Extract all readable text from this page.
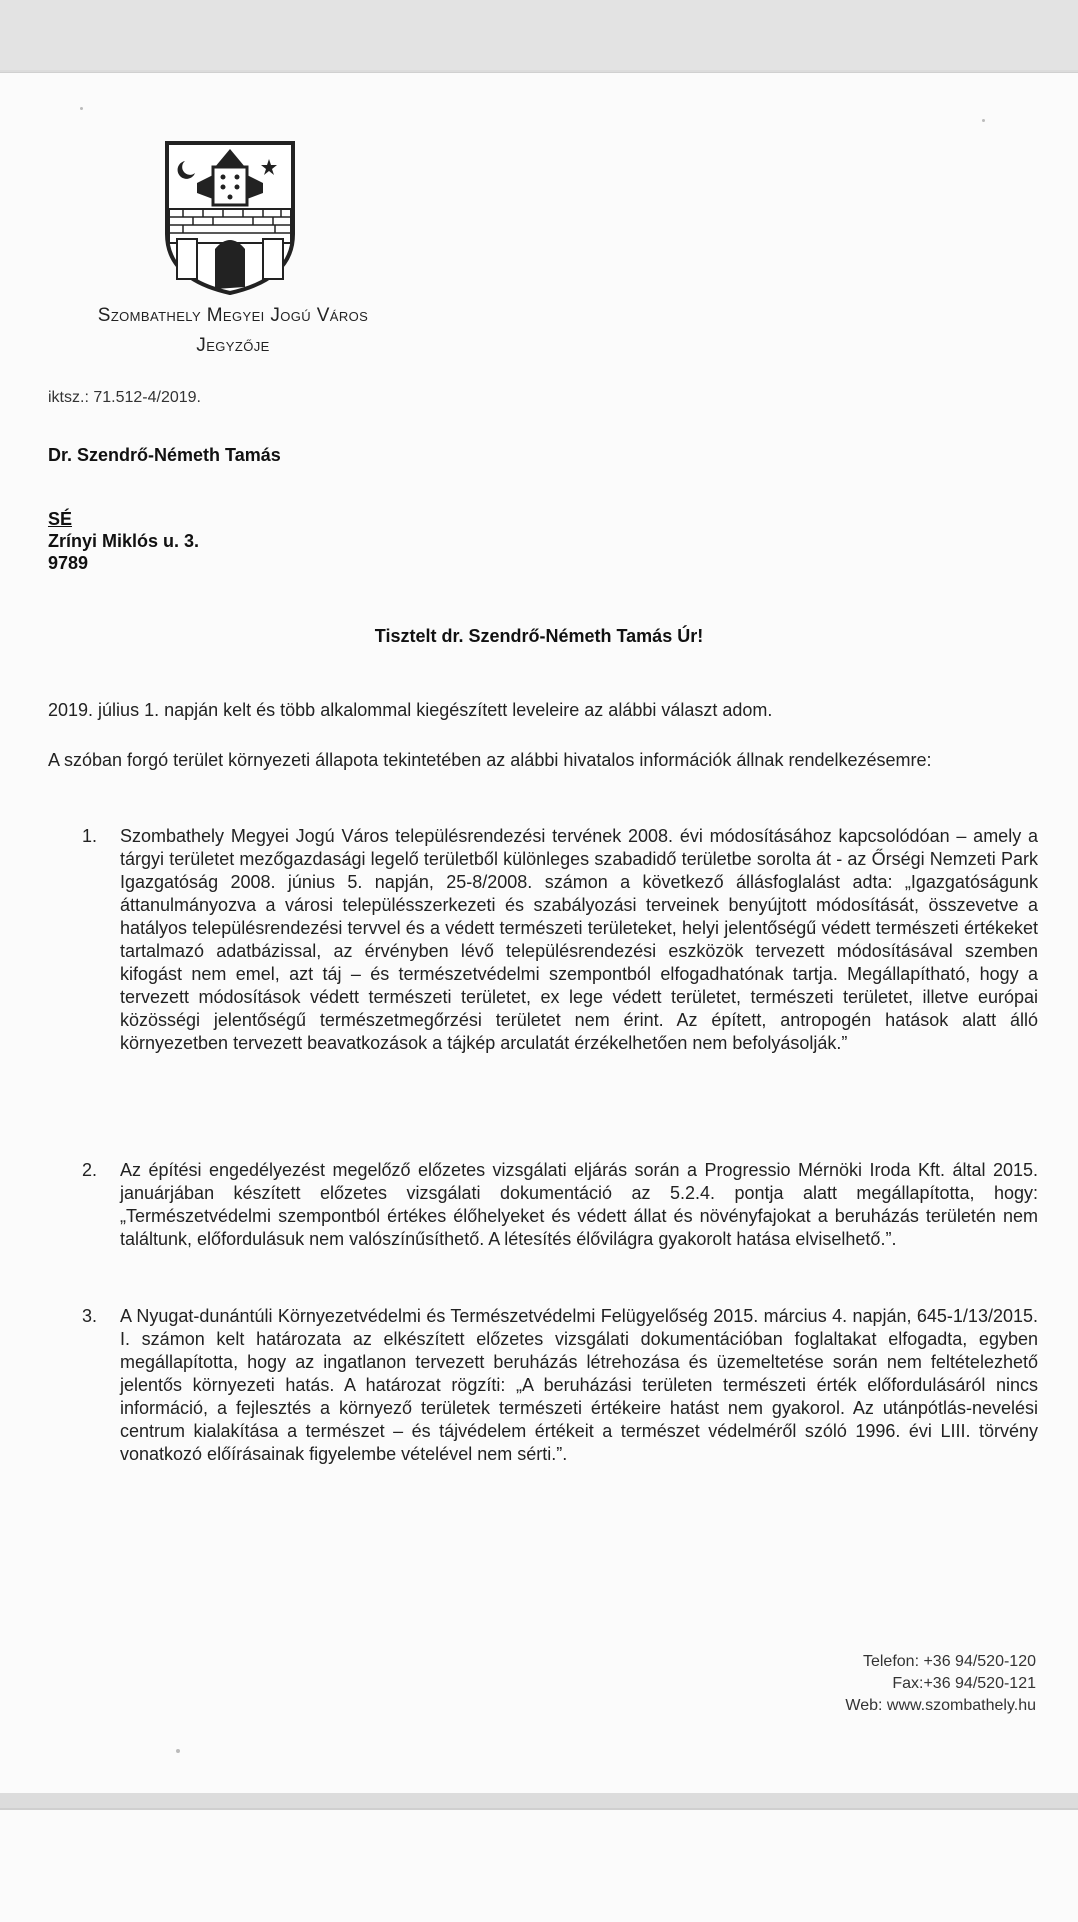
Szombathely Megyei Jogú Város
Jegyzője
iktsz.: 71.512-4/2019.
Dr. Szendrő-Németh Tamás
SÉ
Zrínyi Miklós u. 3.
9789
Tisztelt dr. Szendrő-Németh Tamás Úr!
2019. július 1. napján kelt és több alkalommal kiegészített leveleire az alábbi választ adom.
A szóban forgó terület környezeti állapota tekintetében az alábbi hivatalos információk állnak rendelkezésemre:
1. Szombathely Megyei Jogú Város településrendezési tervének 2008. évi módosításához kapcsolódóan – amely a tárgyi területet mezőgazdasági legelő területből különleges szabadidő területbe sorolta át - az Őrségi Nemzeti Park Igazgatóság 2008. június 5. napján, 25-8/2008. számon a következő állásfoglalást adta: „Igazgatóságunk áttanulmányozva a városi településszerkezeti és szabályozási terveinek benyújtott módosítását, összevetve a hatályos településrendezési tervvel és a védett természeti területeket, helyi jelentőségű védett természeti értékeket tartalmazó adatbázissal, az érvényben lévő településrendezési eszközök tervezett módosításával szemben kifogást nem emel, azt táj – és természetvédelmi szempontból elfogadhatónak tartja. Megállapítható, hogy a tervezett módosítások védett természeti területet, ex lege védett területet, természeti területet, illetve európai közösségi jelentőségű természetmegőrzési területet nem érint. Az épített, antropogén hatások alatt álló környezetben tervezett beavatkozások a tájkép arculatát érzékelhetően nem befolyásolják.”
2. Az építési engedélyezést megelőző előzetes vizsgálati eljárás során a Progressio Mérnöki Iroda Kft. által 2015. januárjában készített előzetes vizsgálati dokumentáció az 5.2.4. pontja alatt megállapította, hogy: „Természetvédelmi szempontból értékes élőhelyeket és védett állat és növényfajokat a beruházás területén nem találtunk, előfordulásuk nem valószínűsíthető. A létesítés élővilágra gyakorolt hatása elviselhető.”.
3. A Nyugat-dunántúli Környezetvédelmi és Természetvédelmi Felügyelőség 2015. március 4. napján, 645-1/13/2015. I. számon kelt határozata az elkészített előzetes vizsgálati dokumentációban foglaltakat elfogadta, egyben megállapította, hogy az ingatlanon tervezett beruházás létrehozása és üzemeltetése során nem feltételezhető jelentős környezeti hatás. A határozat rögzíti: „A beruházási területen természeti érték előfordulásáról nincs információ, a fejlesztés a környező területek természeti értékeire hatást nem gyakorol. Az utánpótlás-nevelési centrum kialakítása a természet – és tájvédelem értékeit a természet védelméről szóló 1996. évi LIII. törvény vonatkozó előírásainak figyelembe vételével nem sérti.”.
Telefon: +36 94/520-120
Fax:+36 94/520-121
Web: www.szombathely.hu
